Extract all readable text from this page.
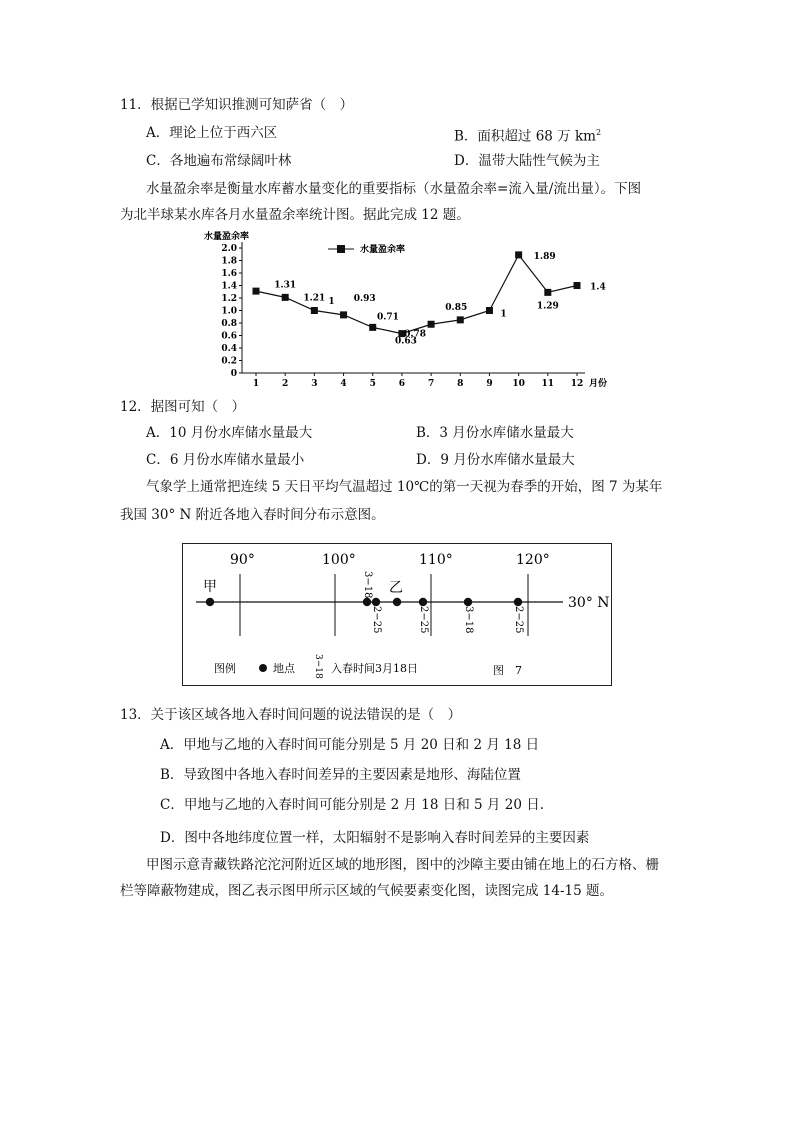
11．根据已学知识推测可知萨省（　）
A．理论上位于西六区	B．面积超过 68 万 $km^2$
C．各地遍布常绿阔叶林	D．温带大陆性气候为主
水量盈余率是衡量水库蓄水量变化的重要指标（水量盈余率=流入量/流出量）。下图
为北半球某水库各月水量盈余率统计图。据此完成 12 题。
0
0.2
0.4
0.6
0.8
1.0
1.2
1.4
1.6
1.8
2.0
水量盈余率
1	2	3	4	5	6	7	8	9 10 11 12 月份
水量盈余率
1.31
1.21 1 0.93
0.71
0.63
0.78
0.85
1
1.89
1.29
1.4
12．据图可知（　）
A．10 月份水库储水量最大	B．3 月份水库储水量最大
C．6 月份水库储水量最小	D．9 月份水库储水量最大
气象学上通常把连续 5 天日平均气温超过 10℃的第一天视为春季的开始，图 7 为某年
我国 30° N 附近各地入春时间分布示意图。
90°	100°	110°	120°
30° N
甲	乙
3−18
2−25	2−25	3−18	2−25
图例	地点 3−18 入春时间3月18日	图　7
13．关于该区域各地入春时间问题的说法错误的是（　）
A．甲地与乙地的入春时间可能分别是 5 月 20 日和 2 月 18 日
B．导致图中各地入春时间差异的主要因素是地形、海陆位置
C．甲地与乙地的入春时间可能分别是 2 月 18 日和 5 月 20 日.
D．图中各地纬度位置一样，太阳辐射不是影响入春时间差异的主要因素
甲图示意青藏铁路沱沱河附近区域的地形图，图中的沙障主要由铺在地上的石方格、栅
栏等障蔽物建成，图乙表示图甲所示区域的气候要素变化图，读图完成 14-15 题。
